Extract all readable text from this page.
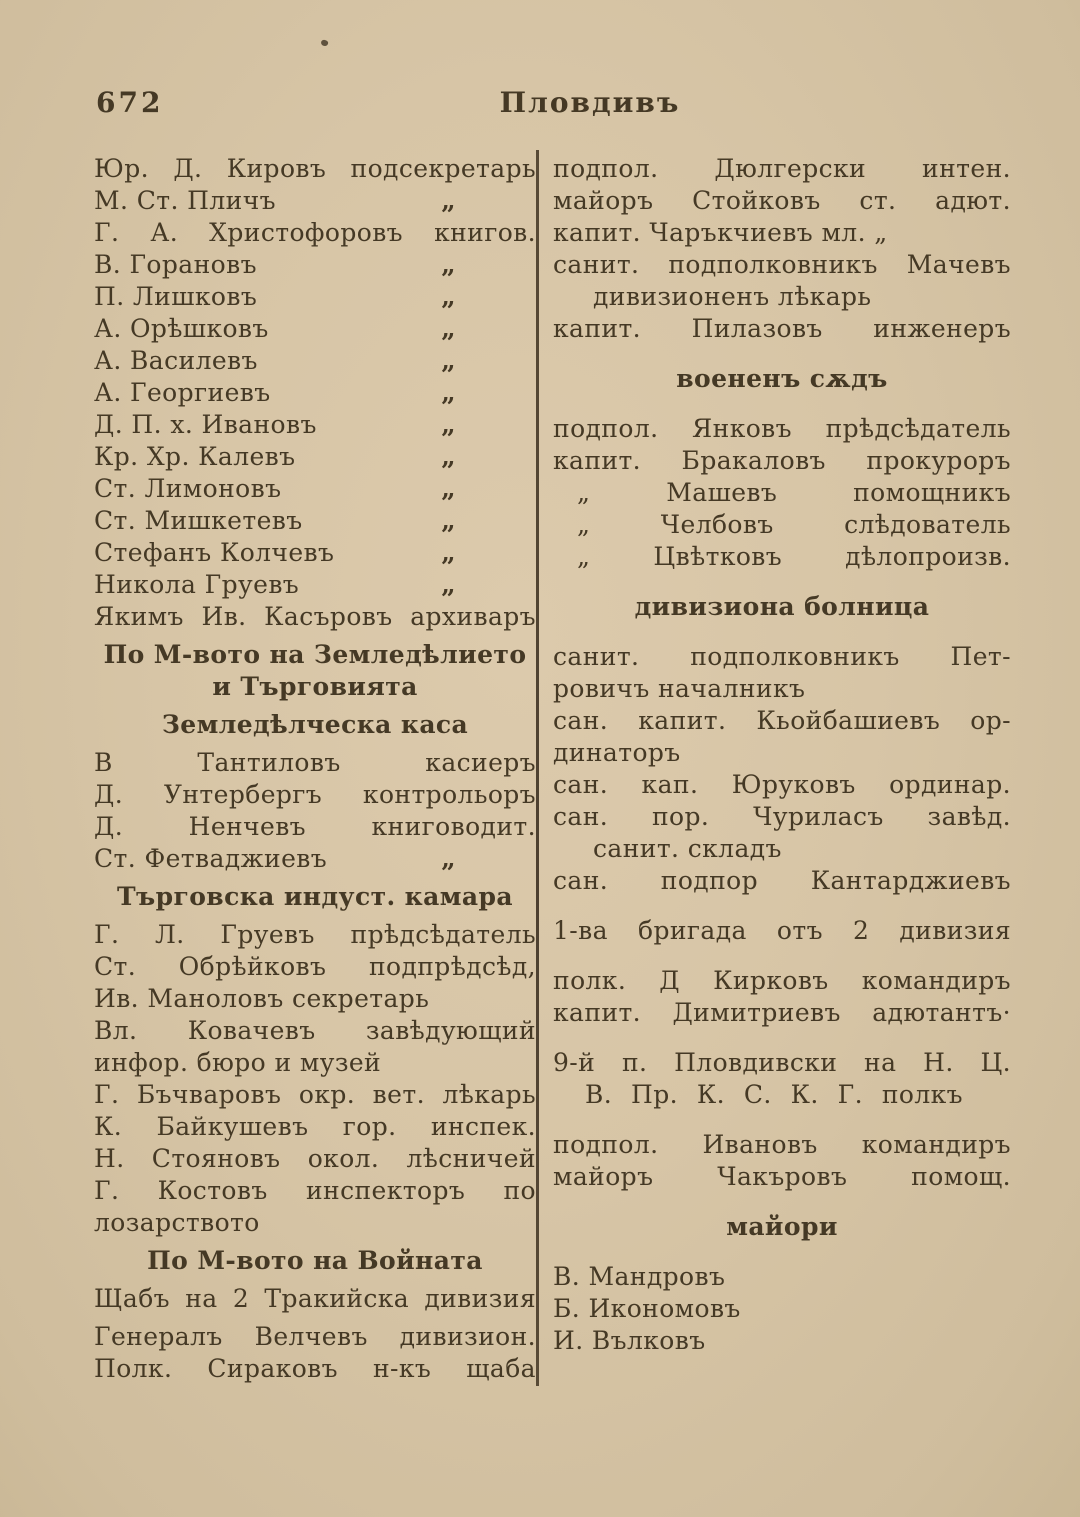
672	Пловдивъ
Юр. Д. Кировъ подсекретарь
М. Ст. Пличъ	„
Г. А. Христофоровъ книгов.
В. Горановъ	„
П. Лишковъ	„
А. Орѣшковъ	„
А. Василевъ	„
А. Георгиевъ	„
Д. П. х. Ивановъ	„
Кр. Хр. Калевъ	„
Ст. Лимоновъ	„
Ст. Мишкетевъ	„
Стефанъ Колчевъ	„
Никола Груевъ	„
Якимъ Ив. Касъровъ архиваръ
По М-вото на Земледѣлието
и Търговията
Земледѣлческа каса
В Тантиловъ касиеръ
Д. Унтербергъ контрольоръ
Д. Ненчевъ книговодит.
Ст. Фетваджиевъ	„
Търговска индуст. камара
Г. Л. Груевъ прѣдсѣдатель
Ст. Обрѣйковъ подпрѣдсѣд,
Ив. Маноловъ секретарь
Вл. Ковачевъ завѣдующий
инфор. бюро и музей
Г. Бъчваровъ окр. вет. лѣкарь
К. Байкушевъ гор. инспек.
Н. Стояновъ окол. лѣсничей
Г. Костовъ инспекторъ по
лозарството
По М-вото на Войната
Щабъ на 2 Тракийска дивизия
Генералъ Велчевъ дивизион.
Полк. Сираковъ н-къ щаба
подпол. Дюлгерски интен.
майоръ Стойковъ ст. адют.
капит. Чаръкчиевъ мл. „
санит. подполковникъ Мачевъ
дивизионенъ лѣкарь
капит. Пилазовъ инженеръ
воененъ сѫдъ
подпол. Янковъ прѣдсѣдатель
капит. Бракаловъ прокуроръ
„ Машевъ помощникъ
„ Челбовъ слѣдователь
„ Цвѣтковъ дѣлопроизв.
дивизиона болница
санит. подполковникъ Пет-
ровичъ началникъ
сан. капит. Кьойбашиевъ ор-
динаторъ
сан. кап. Юруковъ ординар.
сан. пор. Чуриласъ завѣд.
санит. складъ
сан. подпор Кантарджиевъ
1-ва бригада отъ 2 дивизия
полк. Д Кирковъ командиръ
капит. Димитриевъ адютантъ·
9-й п. Пловдивски на Н. Ц.
В. Пр. К. С. К. Г. полкъ
подпол. Ивановъ командиръ
майоръ Чакъровъ помощ.
майори
В. Мандровъ
Б. Икономовъ
И. Вълковъ
